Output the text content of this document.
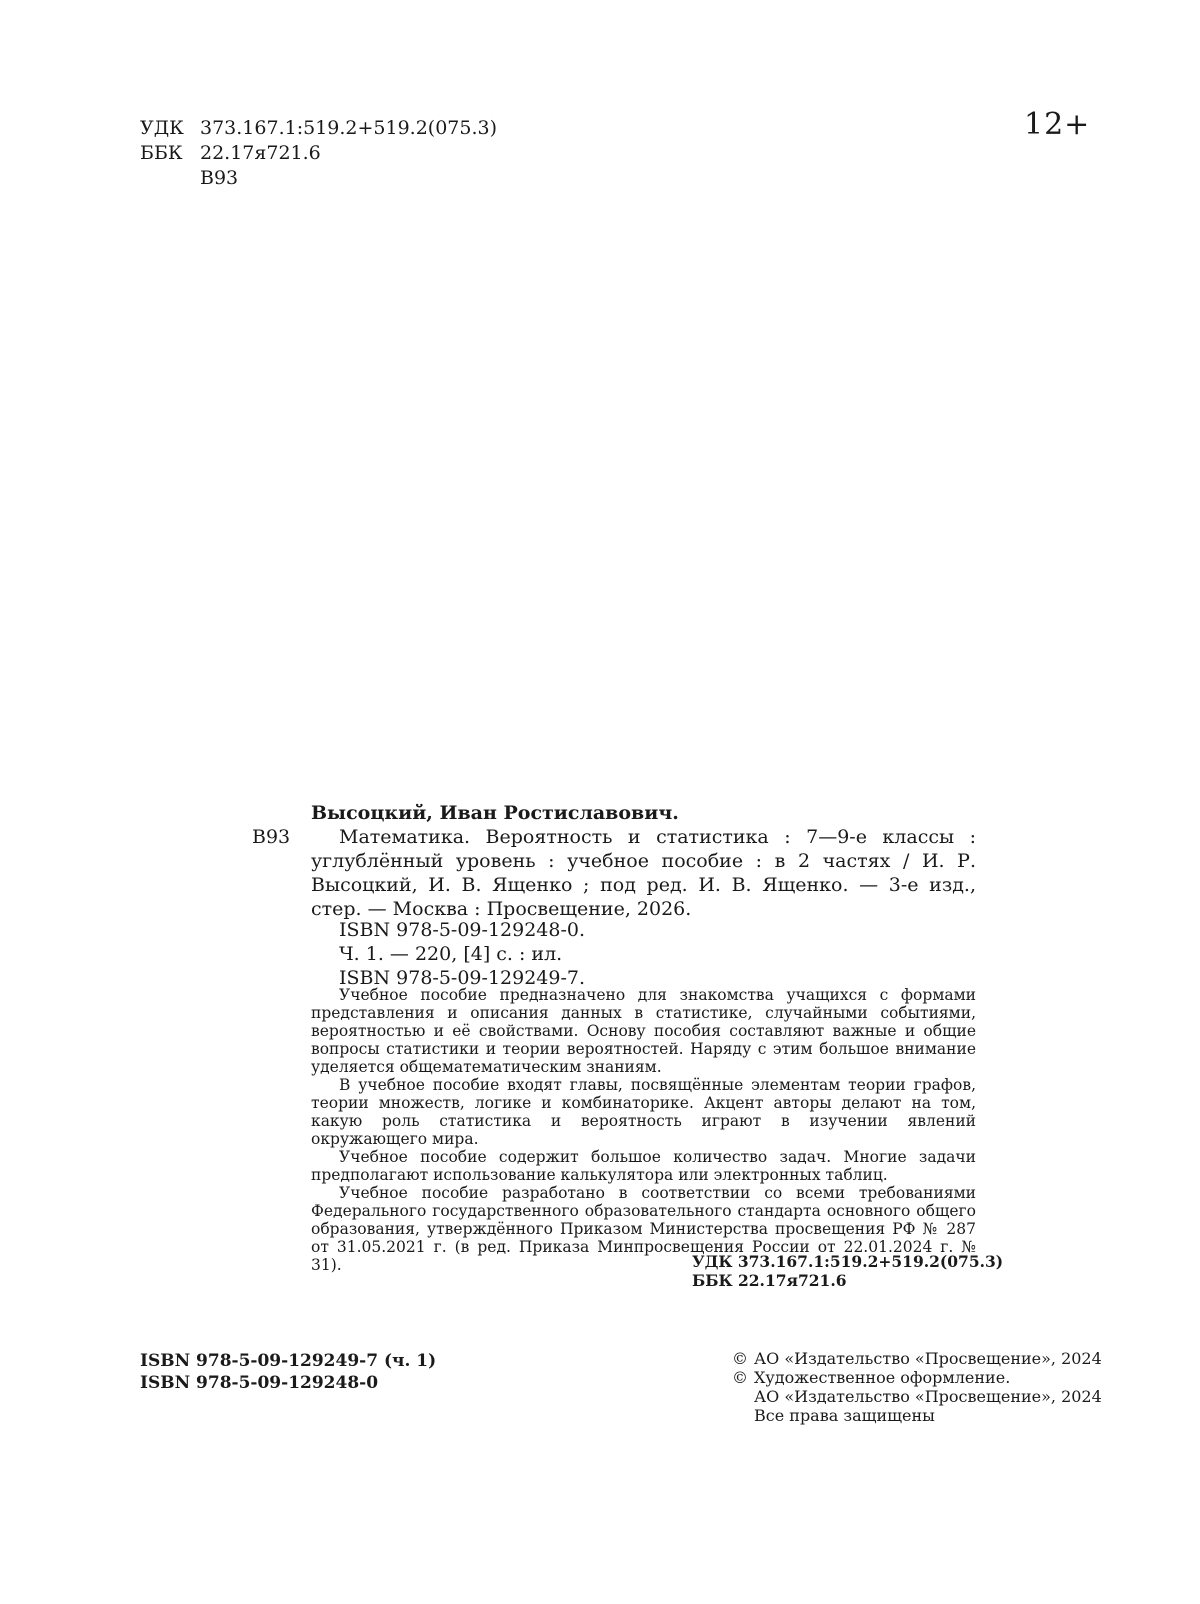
УДК 373.167.1:519.2+519.2(075.3)
ББК 22.17я721.6
В93
12+
Высоцкий, Иван Ростиславович.
В93	Математика. Вероятность и статистика : 7—9-е классы : углублённый уровень : учебное пособие : в 2 частях / И. Р. Высоцкий, И. В. Ященко ; под ред. И. В. Ященко. — 3-е изд., стер. — Москва : Просвещение, 2026.
ISBN 978-5-09-129248-0.
Ч. 1. — 220, [4] с. : ил.
ISBN 978-5-09-129249-7.

Учебное пособие предназначено для знакомства учащихся с формами представления и описания данных в статистике, случайными событиями, вероятностью и её свойствами. Основу пособия составляют важные и общие вопросы статистики и теории вероятностей. Наряду с этим большое внимание уделяется общематематическим знаниям.

В учебное пособие входят главы, посвящённые элементам теории графов, теории множеств, логике и комбинаторике. Акцент авторы делают на том, какую роль статистика и вероятность играют в изучении явлений окружающего мира.

Учебное пособие содержит большое количество задач. Многие задачи предполагают использование калькулятора или электронных таблиц.

Учебное пособие разработано в соответствии со всеми требованиями Федерального государственного образовательного стандарта основного общего образования, утверждённого Приказом Министерства просвещения РФ № 287 от 31.05.2021 г. (в ред. Приказа Минпросвещения России от 22.01.2024 г. № 31).	УДК 373.167.1:519.2+519.2(075.3)
ББК 22.17я721.6
ISBN 978-5-09-129249-7 (ч. 1)
ISBN 978-5-09-129248-0
© АО «Издательство «Просвещение», 2024
© Художественное оформление.
АО «Издательство «Просвещение», 2024
Все права защищены
